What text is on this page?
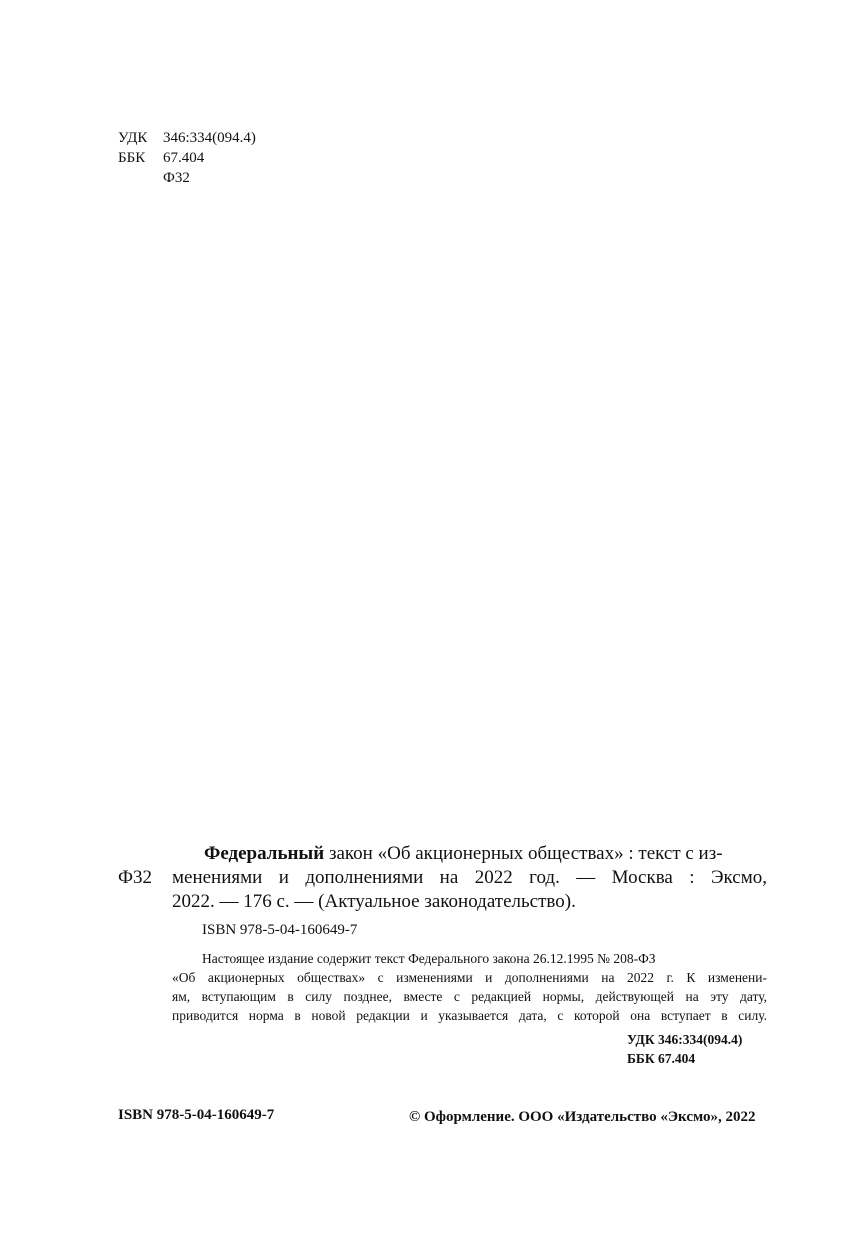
УДК 346:334(094.4)
ББК 67.404
Ф32
Федеральный закон «Об акционерных обществах» : текст с из-
Ф32 менениями и дополнениями на 2022 год. — Москва : Эксмо,
2022. — 176 с. — (Актуальное законодательство).
ISBN 978-5-04-160649-7
Настоящее издание содержит текст Федерального закона 26.12.1995 № 208-ФЗ
«Об акционерных обществах» с изменениями и дополнениями на 2022 г. К изменени-
ям, вступающим в силу позднее, вместе с редакцией нормы, действующей на эту дату,
приводится норма в новой редакции и указывается дата, с которой она вступает в силу.
УДК 346:334(094.4)
ББК 67.404
ISBN 978-5-04-160649-7	© Оформление. ООО «Издательство «Эксмо», 2022
